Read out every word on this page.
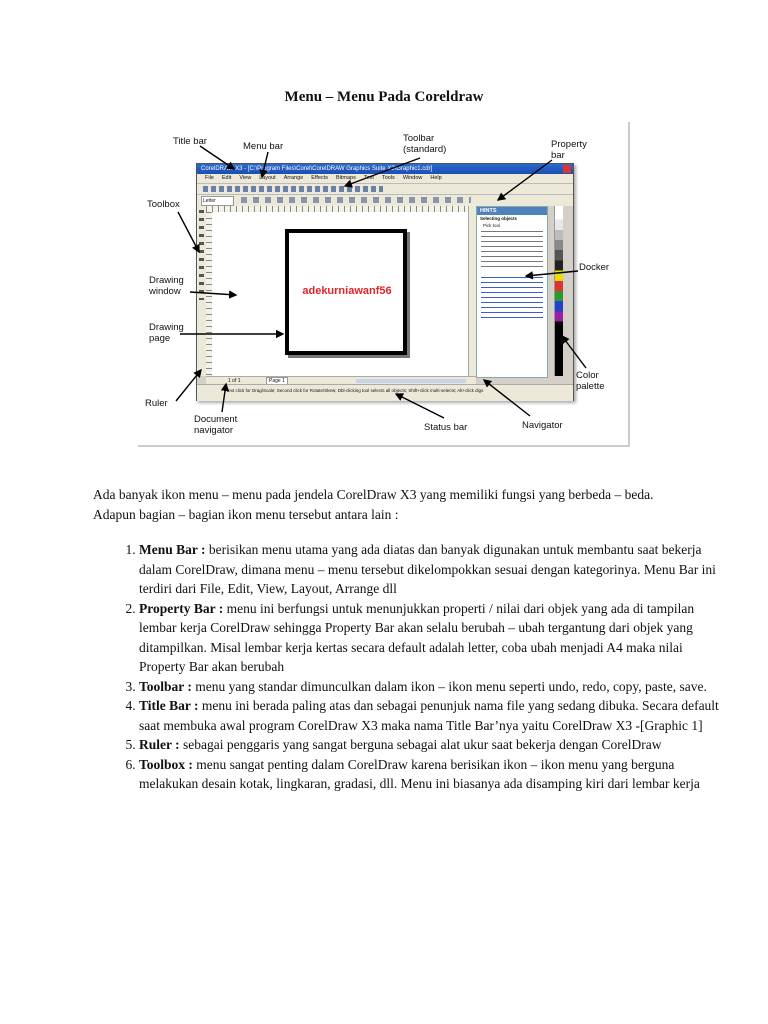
Menu – Menu Pada Coreldraw
CorelDRAW X3 - [C:\Program Files\Corel\CorelDRAW Graphics Suite X3\Graphic1.cdr]
File Edit View Layout Arrange Effects Bitmaps Text Tools Window Help
Letter
adekurniawanf56
HINTS
Selecting objects
Pick tool
1 of 1	Page 1
Next click for Drag/Scale; Second click for Rotate/Skew; Dbl-clicking tool selects all objects; Shift+click multi-selects; Alt+click digs
Title bar	Menu bar
Toolbar
(standard)	Property
bar
Toolbox
Drawing
window
Drawing
page
Docker
Color
palette
Ruler
Document
navigator	Status bar	Navigator
Ada banyak ikon menu – menu pada jendela CorelDraw X3 yang memiliki fungsi yang berbeda – beda. Adapun bagian – bagian ikon menu tersebut antara lain :
1. Menu Bar : berisikan menu utama yang ada diatas dan banyak digunakan untuk membantu saat bekerja dalam CorelDraw, dimana menu – menu tersebut dikelompokkan sesuai dengan kategorinya. Menu Bar ini terdiri dari File, Edit, View, Layout, Arrange dll
2. Property Bar : menu ini berfungsi untuk menunjukkan properti / nilai dari objek yang ada di tampilan lembar kerja CorelDraw sehingga Property Bar akan selalu berubah – ubah tergantung dari objek yang ditampilkan. Misal lembar kerja kertas secara default adalah letter, coba ubah menjadi A4 maka nilai Property Bar akan berubah
3. Toolbar : menu yang standar dimunculkan dalam ikon – ikon menu seperti undo, redo, copy, paste, save.
4. Title Bar : menu ini berada paling atas dan sebagai penunjuk nama file yang sedang dibuka. Secara default saat membuka awal program CorelDraw X3 maka nama Title Bar’nya yaitu CorelDraw X3 -[Graphic 1]
5. Ruler : sebagai penggaris yang sangat berguna sebagai alat ukur saat bekerja dengan CorelDraw
6. Toolbox : menu sangat penting dalam CorelDraw karena berisikan ikon – ikon menu yang berguna melakukan desain kotak, lingkaran, gradasi, dll. Menu ini biasanya ada disamping kiri dari lembar kerja
